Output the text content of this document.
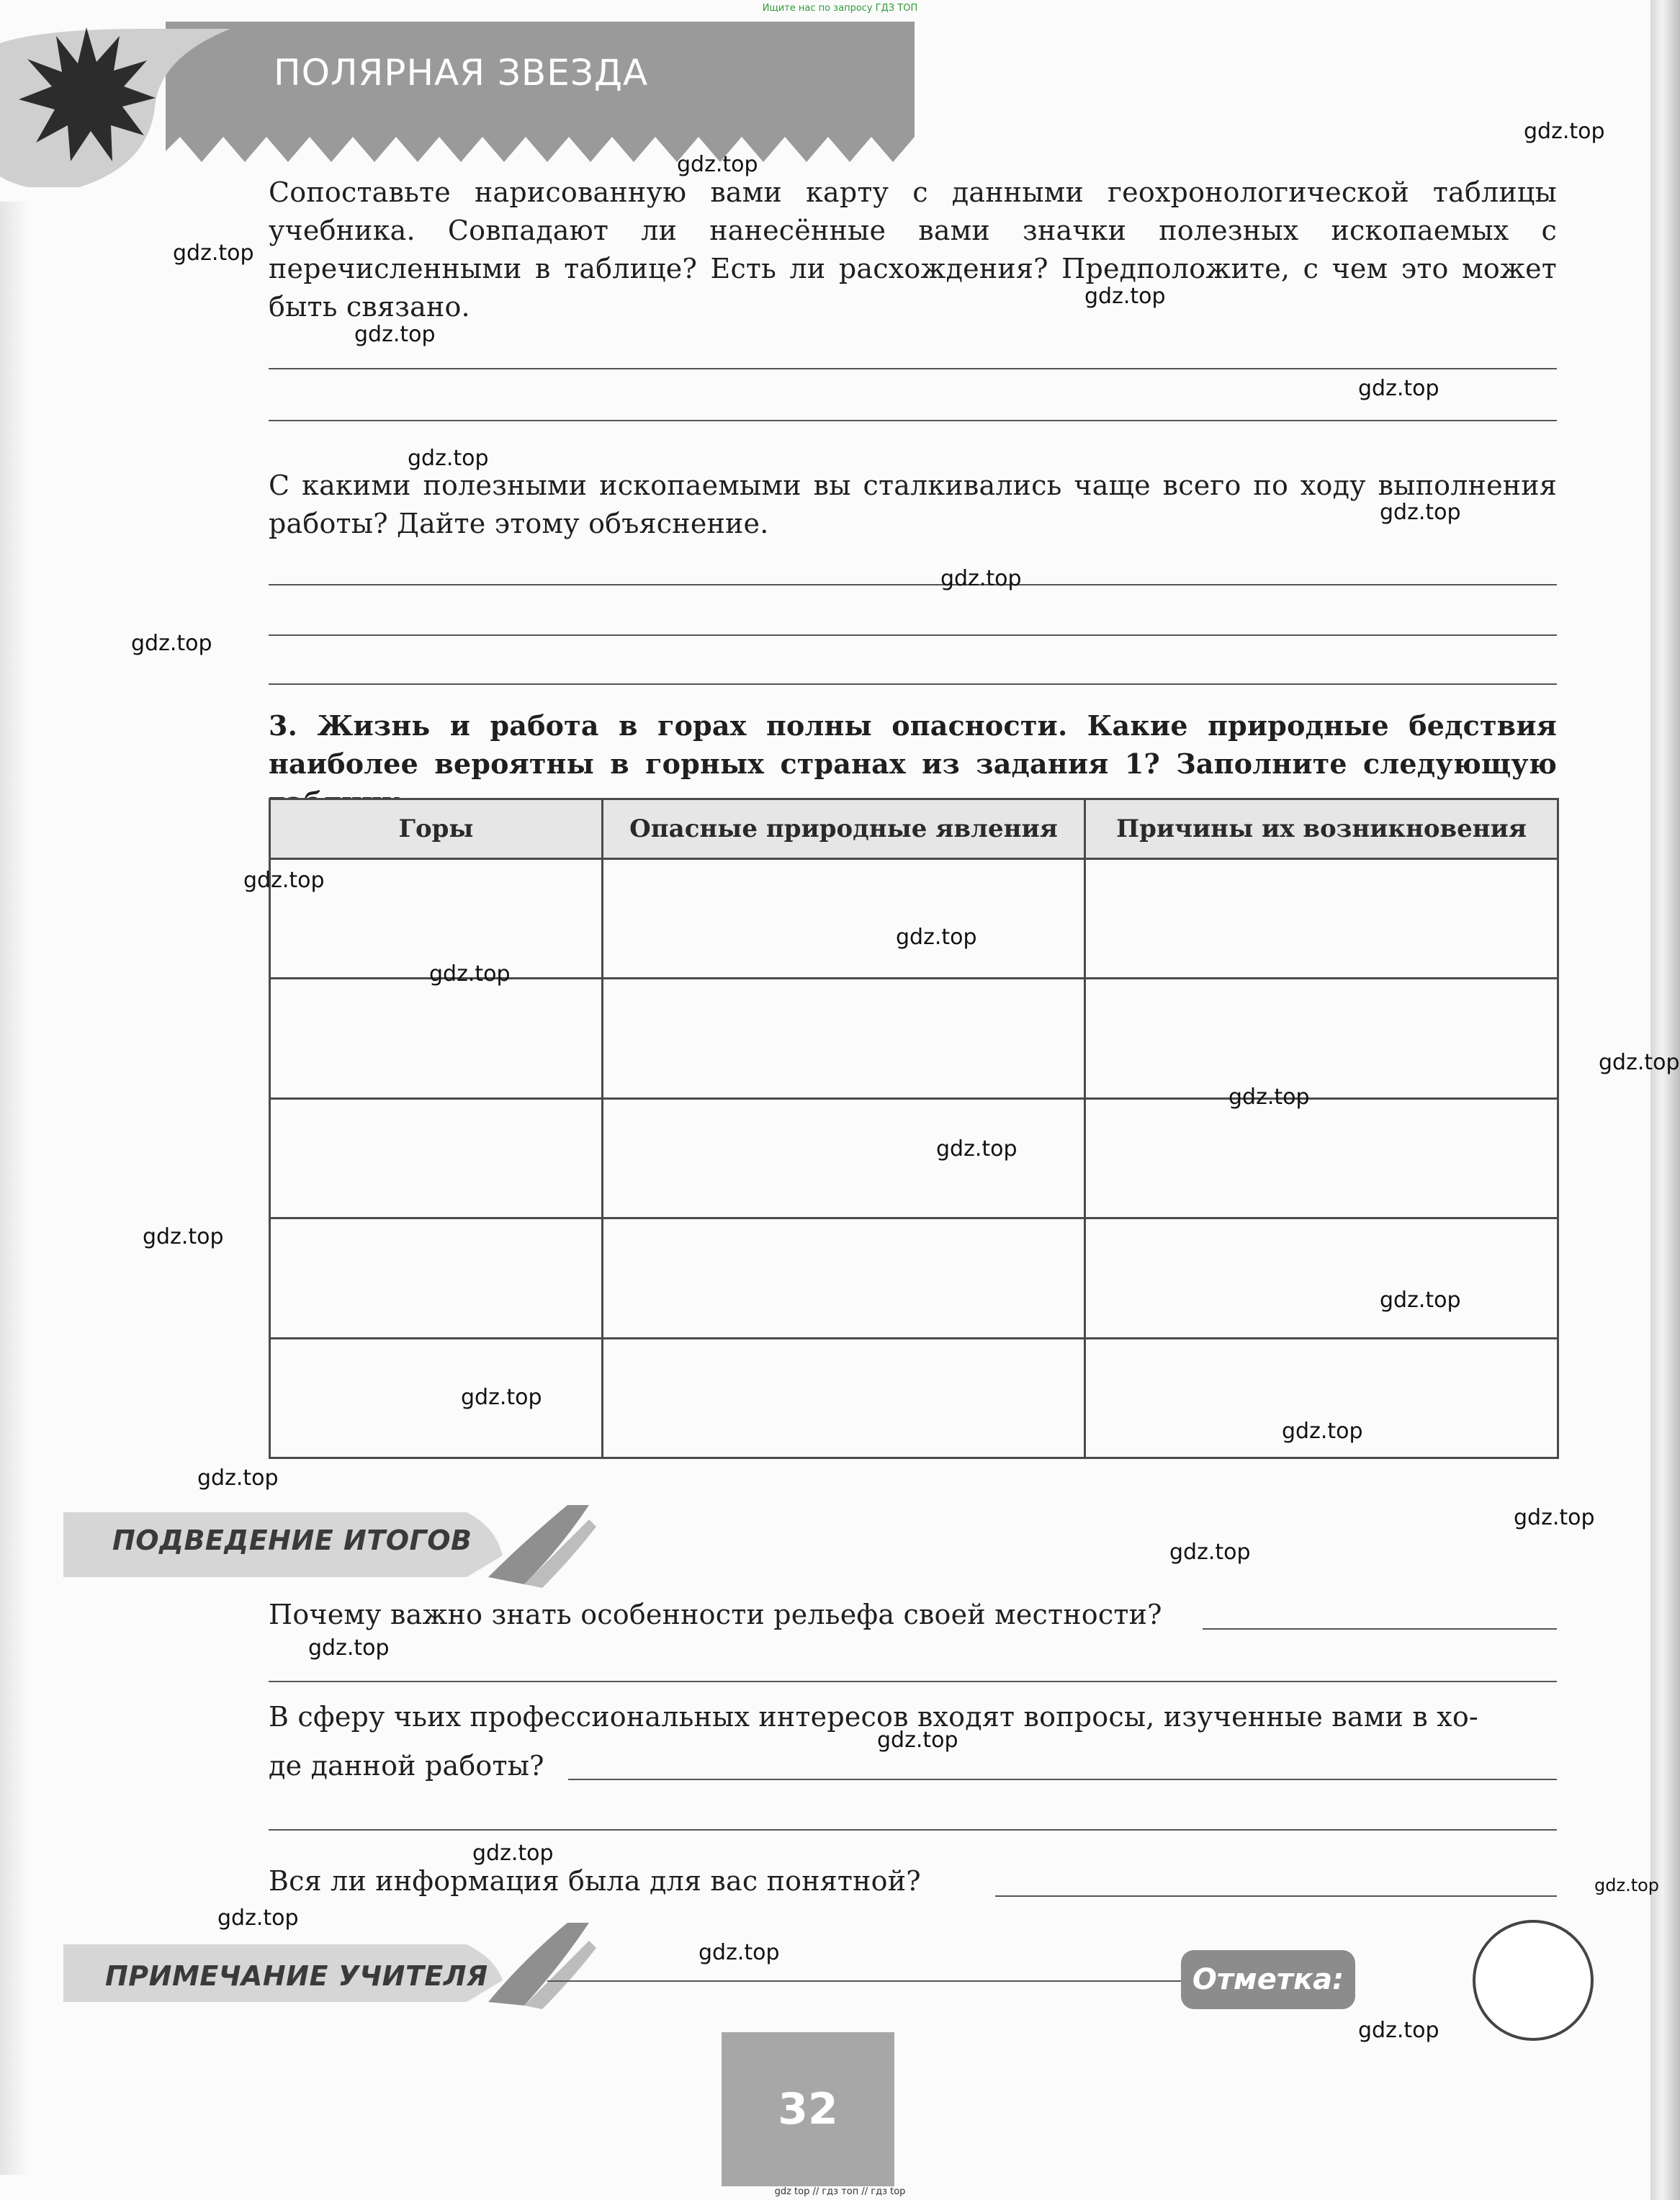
Ищите нас по запросу ГДЗ ТОП
ПОЛЯРНАЯ ЗВЕЗДА
Сопоставьте нарисованную вами карту с данными геохронологической таблицы учебника. Совпадают ли нанесённые вами значки полезных ископаемых с перечисленными в таблице? Есть ли расхождения? Предположите, с чем это может быть связано.
С какими полезными ископаемыми вы сталкивались чаще всего по ходу выполнения работы? Дайте этому объяснение.
3. Жизнь и работа в горах полны опасности. Какие природные бедствия наиболее вероятны в горных странах из задания 1? Заполните следующую
Горы	Опасные природные явления	Причины их возникновения

ПОДВЕДЕНИЕ ИТОГОВ
Почему важно знать особенности рельефа своей местности?
В сферу чьих профессиональных интересов входят вопросы, изученные вами в хо-
де данной работы?
Вся ли информация была для вас понятной?
ПРИМЕЧАНИЕ УЧИТЕЛЯ	Отметка:
32
gdz top // гдз топ // гдз top
gdz.top
gdz.top
gdz.top
gdz.top
gdz.top
gdz.top
gdz.top
gdz.top
gdz.top
gdz.top
gdz.top
gdz.top
gdz.top
gdz.top
gdz.top
gdz.top
gdz.top
gdz.top
gdz.top
gdz.top
gdz.top
gdz.top
gdz.top
gdz.top
gdz.top
gdz.top
gdz.top
gdz.top
gdz.top
gdz.top
